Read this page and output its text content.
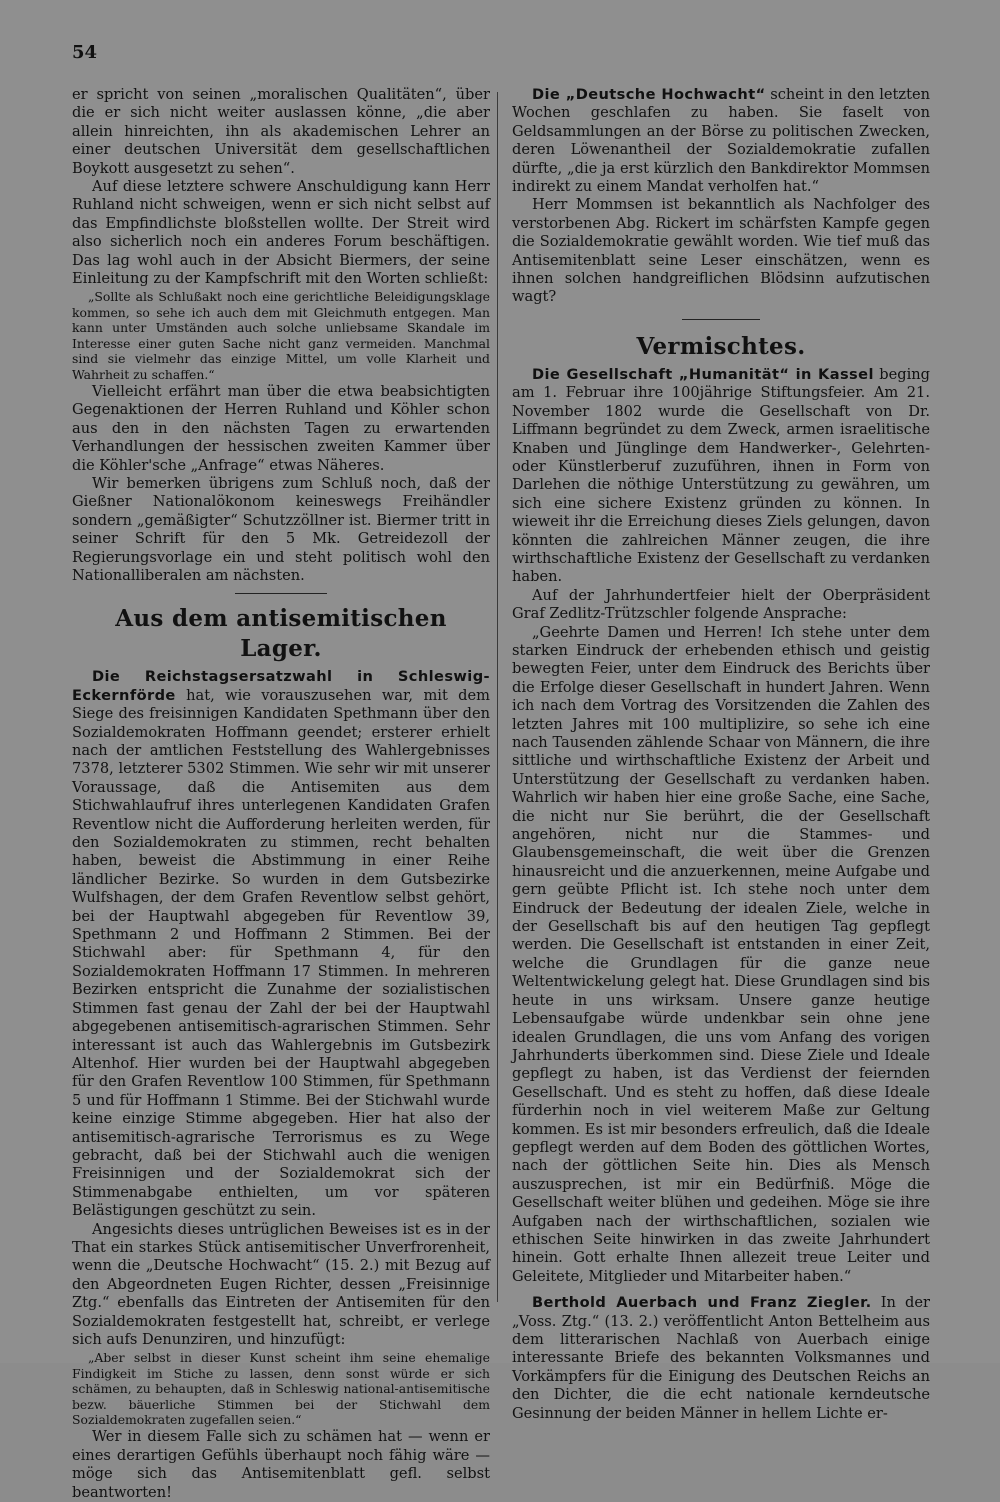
54

er spricht von seinen „moralischen Qualitäten“, über die er sich nicht weiter auslassen könne, „die aber allein hinreichten, ihn als akademischen Lehrer an einer deutschen Universität dem gesellschaftlichen Boykott ausgesetzt zu sehen“.

Auf diese letztere schwere Anschuldigung kann Herr Ruhland nicht schweigen, wenn er sich nicht selbst auf das Empfindlichste bloßstellen wollte. Der Streit wird also sicherlich noch ein anderes Forum beschäftigen. Das lag wohl auch in der Absicht Biermers, der seine Einleitung zu der Kampfschrift mit den Worten schließt:

„Sollte als Schlußakt noch eine gerichtliche Beleidigungsklage kommen, so sehe ich auch dem mit Gleichmuth entgegen. Man kann unter Umständen auch solche unliebsame Skandale im Interesse einer guten Sache nicht ganz vermeiden. Manchmal sind sie vielmehr das einzige Mittel, um volle Klarheit und Wahrheit zu schaffen.“

Vielleicht erfährt man über die etwa beabsichtigten Gegenaktionen der Herren Ruhland und Köhler schon aus den in den nächsten Tagen zu erwartenden Verhandlungen der hessischen zweiten Kammer über die Köhler'sche „Anfrage“ etwas Näheres.

Wir bemerken übrigens zum Schluß noch, daß der Gießner Nationalökonom keineswegs Freihändler sondern „gemäßigter“ Schutzzöllner ist. Biermer tritt in seiner Schrift für den 5 Mk. Getreidezoll der Regierungsvorlage ein und steht politisch wohl den Nationalliberalen am nächsten.

Aus dem antisemitischen Lager.

Die Reichstagsersatzwahl in Schleswig-Eckernförde hat, wie vorauszusehen war, mit dem Siege des freisinnigen Kandidaten Spethmann über den Sozialdemokraten Hoffmann geendet; ersterer erhielt nach der amtlichen Feststellung des Wahlergebnisses 7378, letzterer 5302 Stimmen. Wie sehr wir mit unserer Voraussage, daß die Antisemiten aus dem Stichwahlaufruf ihres unterlegenen Kandidaten Grafen Reventlow nicht die Aufforderung herleiten werden, für den Sozialdemokraten zu stimmen, recht behalten haben, beweist die Abstimmung in einer Reihe ländlicher Bezirke. So wurden in dem Gutsbezirke Wulfshagen, der dem Grafen Reventlow selbst gehört, bei der Hauptwahl abgegeben für Reventlow 39, Spethmann 2 und Hoffmann 2 Stimmen. Bei der Stichwahl aber: für Spethmann 4, für den Sozialdemokraten Hoffmann 17 Stimmen. In mehreren Bezirken entspricht die Zunahme der sozialistischen Stimmen fast genau der Zahl der bei der Hauptwahl abgegebenen antisemitisch-agrarischen Stimmen. Sehr interessant ist auch das Wahlergebnis im Gutsbezirk Altenhof. Hier wurden bei der Hauptwahl abgegeben für den Grafen Reventlow 100 Stimmen, für Spethmann 5 und für Hoffmann 1 Stimme. Bei der Stichwahl wurde keine einzige Stimme abgegeben. Hier hat also der antisemitisch-agrarische Terrorismus es zu Wege gebracht, daß bei der Stichwahl auch die wenigen Freisinnigen und der Sozialdemokrat sich der Stimmenabgabe enthielten, um vor späteren Belästigungen geschützt zu sein.

Angesichts dieses untrüglichen Beweises ist es in der That ein starkes Stück antisemitischer Unverfrorenheit, wenn die „Deutsche Hochwacht“ (15. 2.) mit Bezug auf den Abgeordneten Eugen Richter, dessen „Freisinnige Ztg.“ ebenfalls das Eintreten der Antisemiten für den Sozialdemokraten festgestellt hat, schreibt, er verlege sich aufs Denunziren, und hinzufügt:

„Aber selbst in dieser Kunst scheint ihm seine ehemalige Findigkeit im Stiche zu lassen, denn sonst würde er sich schämen, zu behaupten, daß in Schleswig national-antisemitische bezw. bäuerliche Stimmen bei der Stichwahl dem Sozialdemokraten zugefallen seien.“

Wer in diesem Falle sich zu schämen hat — wenn er eines derartigen Gefühls überhaupt noch fähig wäre — möge sich das Antisemitenblatt gefl. selbst beantworten!

Die „Deutsche Hochwacht“ scheint in den letzten Wochen geschlafen zu haben. Sie faselt von Geldsammlungen an der Börse zu politischen Zwecken, deren Löwenantheil der Sozialdemokratie zufallen dürfte, „die ja erst kürzlich den Bankdirektor Mommsen indirekt zu einem Mandat verholfen hat.“

Herr Mommsen ist bekanntlich als Nachfolger des verstorbenen Abg. Rickert im schärfsten Kampfe gegen die Sozialdemokratie gewählt worden. Wie tief muß das Antisemitenblatt seine Leser einschätzen, wenn es ihnen solchen handgreiflichen Blödsinn aufzutischen wagt?

Vermischtes.

Die Gesellschaft „Humanität“ in Kassel beging am 1. Februar ihre 100jährige Stiftungsfeier. Am 21. November 1802 wurde die Gesellschaft von Dr. Liffmann begründet zu dem Zweck, armen israelitische Knaben und Jünglinge dem Handwerker-, Gelehrten- oder Künstlerberuf zuzuführen, ihnen in Form von Darlehen die nöthige Unterstützung zu gewähren, um sich eine sichere Existenz gründen zu können. In wieweit ihr die Erreichung dieses Ziels gelungen, davon könnten die zahlreichen Männer zeugen, die ihre wirthschaftliche Existenz der Gesellschaft zu verdanken haben.

Auf der Jahrhundertfeier hielt der Oberpräsident Graf Zedlitz-Trützschler folgende Ansprache:

„Geehrte Damen und Herren! Ich stehe unter dem starken Eindruck der erhebenden ethisch und geistig bewegten Feier, unter dem Eindruck des Berichts über die Erfolge dieser Gesellschaft in hundert Jahren. Wenn ich nach dem Vortrag des Vorsitzenden die Zahlen des letzten Jahres mit 100 multiplizire, so sehe ich eine nach Tausenden zählende Schaar von Männern, die ihre sittliche und wirthschaftliche Existenz der Arbeit und Unterstützung der Gesellschaft zu verdanken haben. Wahrlich wir haben hier eine große Sache, eine Sache, die nicht nur Sie berührt, die der Gesellschaft angehören, nicht nur die Stammes- und Glaubensgemeinschaft, die weit über die Grenzen hinausreicht und die anzuerkennen, meine Aufgabe und gern geübte Pflicht ist. Ich stehe noch unter dem Eindruck der Bedeutung der idealen Ziele, welche in der Gesellschaft bis auf den heutigen Tag gepflegt werden. Die Gesellschaft ist entstanden in einer Zeit, welche die Grundlagen für die ganze neue Weltentwickelung gelegt hat. Diese Grundlagen sind bis heute in uns wirksam. Unsere ganze heutige Lebensaufgabe würde undenkbar sein ohne jene idealen Grundlagen, die uns vom Anfang des vorigen Jahrhunderts überkommen sind. Diese Ziele und Ideale gepflegt zu haben, ist das Verdienst der feiernden Gesellschaft. Und es steht zu hoffen, daß diese Ideale fürderhin noch in viel weiterem Maße zur Geltung kommen. Es ist mir besonders erfreulich, daß die Ideale gepflegt werden auf dem Boden des göttlichen Wortes, nach der göttlichen Seite hin. Dies als Mensch auszusprechen, ist mir ein Bedürfniß. Möge die Gesellschaft weiter blühen und gedeihen. Möge sie ihre Aufgaben nach der wirthschaftlichen, sozialen wie ethischen Seite hinwirken in das zweite Jahrhundert hinein. Gott erhalte Ihnen allezeit treue Leiter und Geleitete, Mitglieder und Mitarbeiter haben.“

Berthold Auerbach und Franz Ziegler. In der „Voss. Ztg.“ (13. 2.) veröffentlicht Anton Bettelheim aus dem litterarischen Nachlaß von Auerbach einige interessante Briefe des bekannten Volksmannes und Vorkämpfers für die Einigung des Deutschen Reichs an den Dichter, die die echt nationale kerndeutsche Gesinnung der beiden Männer in hellem Lichte er-
